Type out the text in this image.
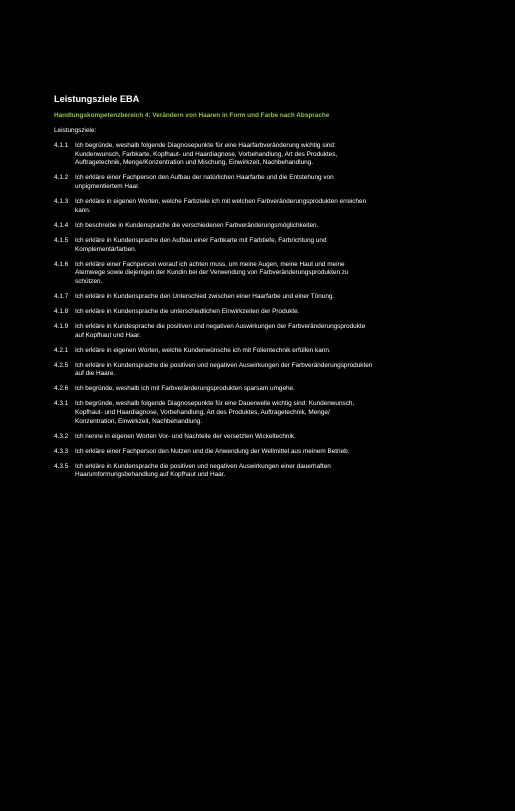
Leistungsziele EBA
Handlungskompetenzbereich 4: Verändern von Haaren in Form und Farbe nach Absprache
Leistungsziele:
4.1.1	Ich begründe, weshalb folgende Diagnosepunkte für eine Haarfarbveränderung wichtig sind:
Kundenwunsch, Farbkarte, Kopfhaut- und Haardiagnose, Vorbehandlung, Art des Produktes,
Auftragetechnik, Menge/Konzentration und Mischung, Einwirkzeit, Nachbehandlung.
4.1.2	Ich erkläre einer Fachperson den Aufbau der natürlichen Haarfarbe und die Entstehung von
unpigmentiertem Haar.
4.1.3	Ich erkläre in eigenen Worten, welche Farbziele ich mit welchen Farbveränderungsprodukten erreichen
kann.
4.1.4	Ich beschreibe in Kundensprache die verschiedenen Farbveränderungsmöglichkeiten.
4.1.5	Ich erkläre in Kundensprache den Aufbau einer Farbkarte mit Farbtiefe, Farbrichtung und
Komplementärfarben.
4.1.6	Ich erkläre einer Fachperson worauf ich achten muss, um meine Augen, meine Haut und meine
Atemwege sowie diejenigen der Kundin bei der Verwendung von Farbveränderungsprodukten zu
schützen.
4.1.7	Ich erkläre in Kundensprache den Unterschied zwischen einer Haarfarbe und einer Tönung.
4.1.8	Ich erkläre in Kundensprache die unterschiedlichen Einwirkzeiten der Produkte.
4.1.9	Ich erkläre in Kundesprache die positiven und negativen Auswirkungen der Farbveränderungsprodukte
auf Kopfhaut und Haar.
4.2.1	Ich erkläre in eigenen Worten, welche Kundenwünsche ich mit Folientechnik erfüllen kann.
4.2.5	Ich erkläre in Kundensprache die positiven und negativen Auswirkungen der Farbveränderungsprodukten
auf die Haare.
4.2.6	Ich begründe, weshalb ich mit Farbveränderungsprodukten sparsam umgehe.
4.3.1	Ich begründe, weshalb folgende Diagnosepunkte für eine Dauerwelle wichtig sind: Kundenwunsch,
Kopfhaut- und Haardiagnose, Vorbehandlung, Art des Produktes, Auftragetechnik, Menge/
Konzentration, Einwirkzeit, Nachbehandlung.
4.3.2	Ich nenne in eigenen Worten Vor- und Nachteile der versetzten Wickeltechnik.
4.3.3	Ich erkläre einer Fachperson den Nutzen und die Anwendung der Wellmittel aus meinem Betrieb.
4.3.5	Ich erkläre in Kundensprache die positiven und negativen Auswirkungen einer dauerhaften
Haarumformungsbehandlung auf Kopfhaut und Haar.
